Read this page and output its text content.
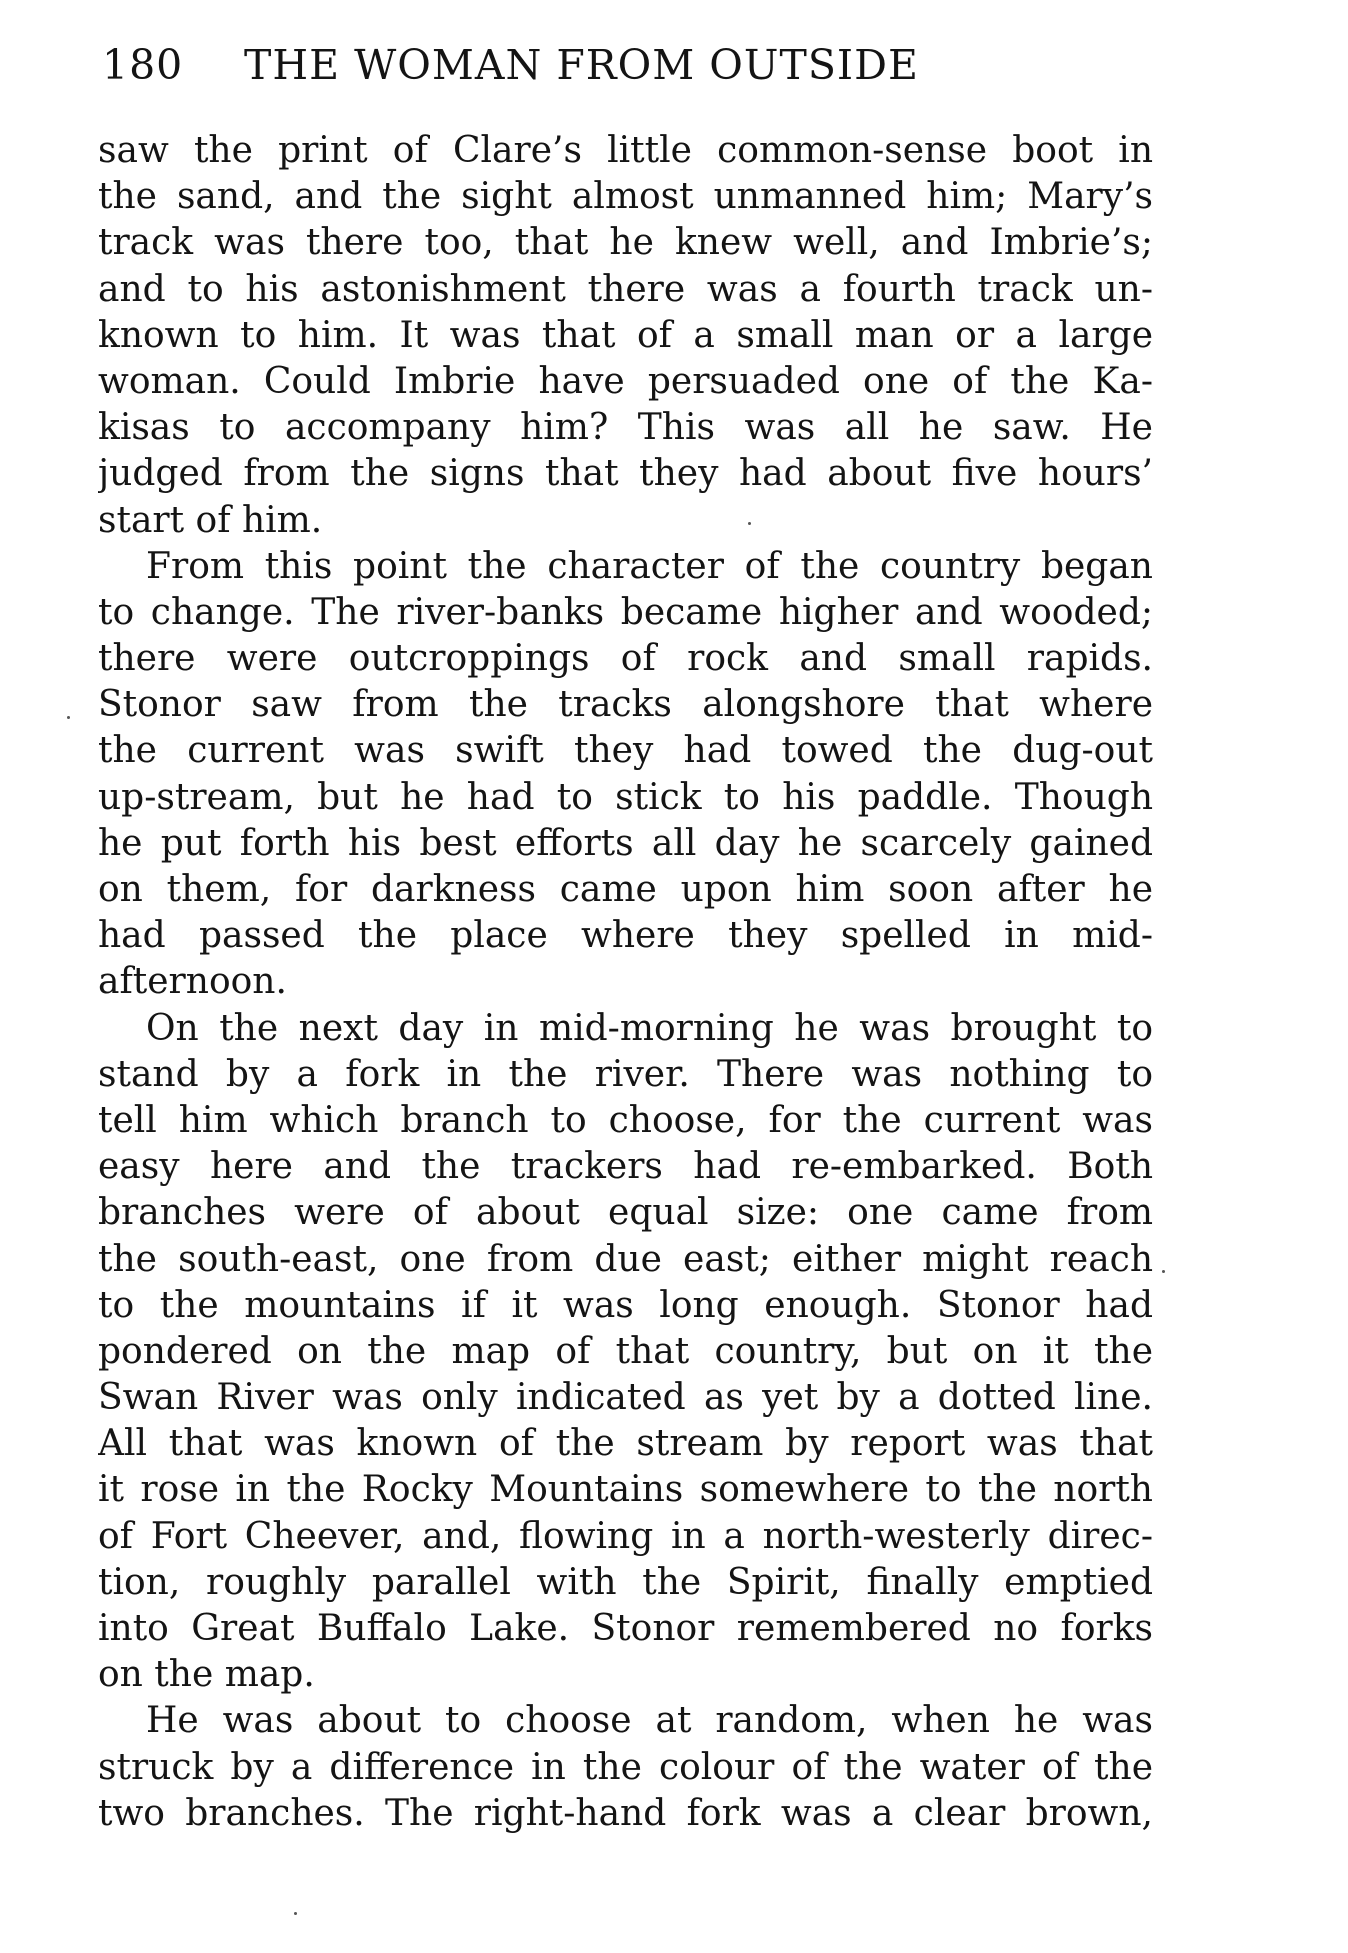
180 THE WOMAN FROM OUTSIDE
saw the print of Clare’s little common-sense boot in
the sand, and the sight almost unmanned him; Mary’s
track was there too, that he knew well, and Imbrie’s;
and to his astonishment there was a fourth track un-
known to him. It was that of a small man or a large
woman. Could Imbrie have persuaded one of the Ka-
kisas to accompany him? This was all he saw. He
judged from the signs that they had about five hours’
start of him.
From this point the character of the country began
to change. The river-banks became higher and wooded;
there were outcroppings of rock and small rapids.
Stonor saw from the tracks alongshore that where
the current was swift they had towed the dug-out
up-stream, but he had to stick to his paddle. Though
he put forth his best efforts all day he scarcely gained
on them, for darkness came upon him soon after he
had passed the place where they spelled in mid-
afternoon.
On the next day in mid-morning he was brought to
stand by a fork in the river. There was nothing to
tell him which branch to choose, for the current was
easy here and the trackers had re-embarked. Both
branches were of about equal size: one came from
the south-east, one from due east; either might reach
to the mountains if it was long enough. Stonor had
pondered on the map of that country, but on it the
Swan River was only indicated as yet by a dotted line.
All that was known of the stream by report was that
it rose in the Rocky Mountains somewhere to the north
of Fort Cheever, and, flowing in a north-westerly direc-
tion, roughly parallel with the Spirit, finally emptied
into Great Buffalo Lake. Stonor remembered no forks
on the map.
He was about to choose at random, when he was
struck by a difference in the colour of the water of the
two branches. The right-hand fork was a clear brown,
